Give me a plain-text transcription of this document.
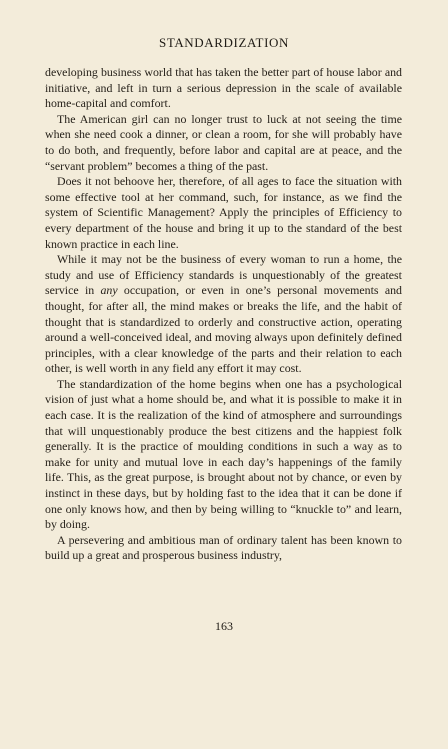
STANDARDIZATION

developing business world that has taken the better part of house labor and initiative, and left in turn a serious depression in the scale of available home-capital and comfort.

The American girl can no longer trust to luck at not seeing the time when she need cook a dinner, or clean a room, for she will probably have to do both, and frequently, before labor and capital are at peace, and the “servant problem” becomes a thing of the past.

Does it not behoove her, therefore, of all ages to face the situation with some effective tool at her command, such, for instance, as we find the system of Scientific Management? Apply the principles of Efficiency to every department of the house and bring it up to the standard of the best known practice in each line.

While it may not be the business of every woman to run a home, the study and use of Efficiency standards is unquestionably of the greatest service in any occupation, or even in one’s personal movements and thought, for after all, the mind makes or breaks the life, and the habit of thought that is standardized to orderly and constructive action, operating around a well-conceived ideal, and moving always upon definitely defined principles, with a clear knowledge of the parts and their relation to each other, is well worth in any field any effort it may cost.

The standardization of the home begins when one has a psychological vision of just what a home should be, and what it is possible to make it in each case. It is the realization of the kind of atmosphere and surroundings that will unquestionably produce the best citizens and the happiest folk generally. It is the practice of moulding conditions in such a way as to make for unity and mutual love in each day’s happenings of the family life. This, as the great purpose, is brought about not by chance, or even by instinct in these days, but by holding fast to the idea that it can be done if one only knows how, and then by being willing to “knuckle to” and learn, by doing.

A persevering and ambitious man of ordinary talent has been known to build up a great and prosperous business industry,

163
